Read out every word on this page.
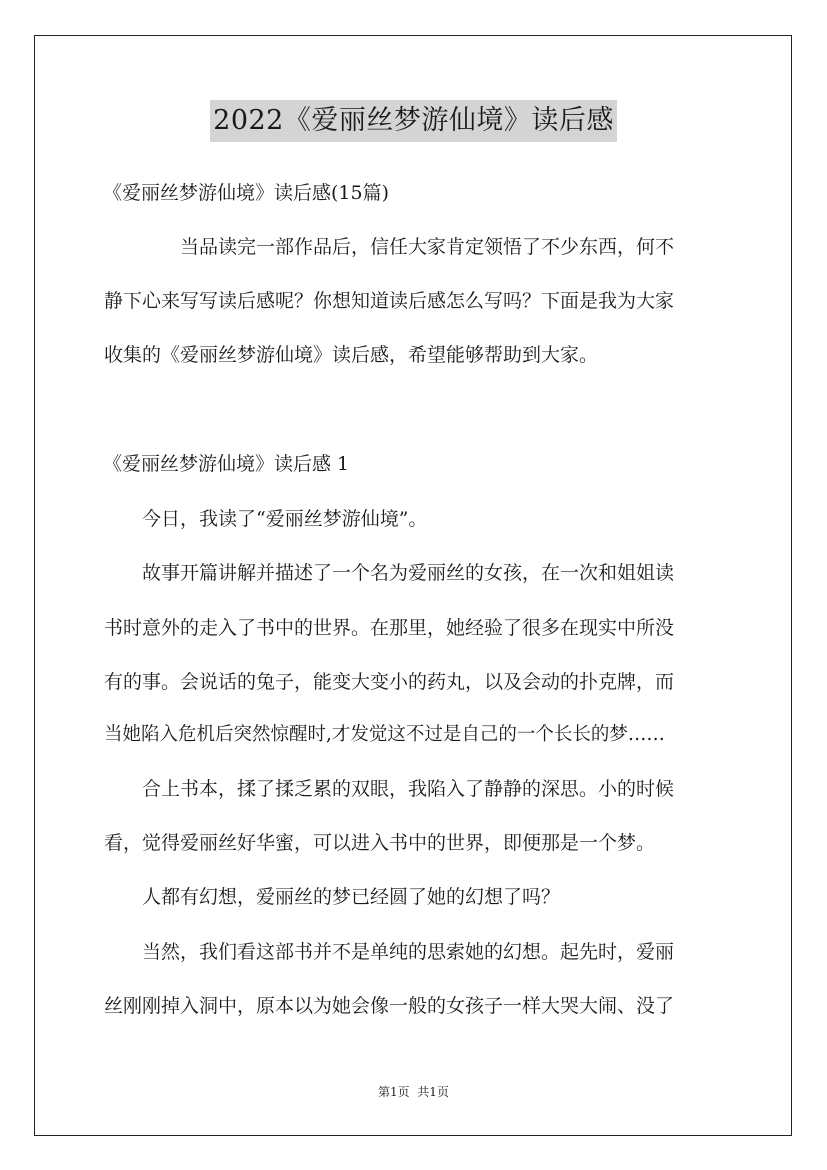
2022《爱丽丝梦游仙境》读后感
《爱丽丝梦游仙境》读后感(15篇)
当品读完一部作品后，信任大家肯定领悟了不少东西，何不
静下心来写写读后感呢？你想知道读后感怎么写吗？下面是我为大家
收集的《爱丽丝梦游仙境》读后感，希望能够帮助到大家。
《爱丽丝梦游仙境》读后感 1
今日，我读了“爱丽丝梦游仙境”。
故事开篇讲解并描述了一个名为爱丽丝的女孩，在一次和姐姐读
书时意外的走入了书中的世界。在那里，她经验了很多在现实中所没
有的事。会说话的兔子，能变大变小的药丸，以及会动的扑克牌，而
当她陷入危机后突然惊醒时,才发觉这不过是自己的一个长长的梦……
合上书本，揉了揉乏累的双眼，我陷入了静静的深思。小的时候
看，觉得爱丽丝好华蜜，可以进入书中的世界，即便那是一个梦。
人都有幻想，爱丽丝的梦已经圆了她的幻想了吗？
当然，我们看这部书并不是单纯的思索她的幻想。起先时，爱丽
丝刚刚掉入洞中，原本以为她会像一般的女孩子一样大哭大闹、没了
第1页  共1页
